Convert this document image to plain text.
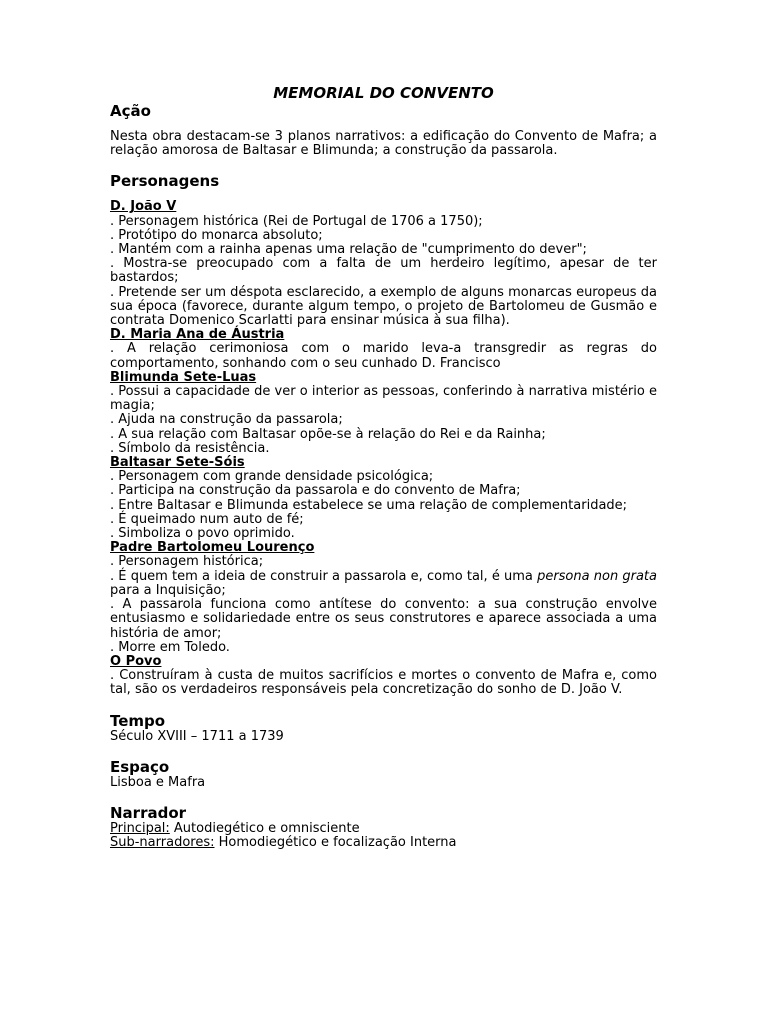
MEMORIAL DO CONVENTO
Ação

Nesta obra destacam-se 3 planos narrativos: a edificação do Convento de Mafra; a relação amorosa de Baltasar e Blimunda; a construção da passarola.

Personagens
D. João V

. Personagem histórica (Rei de Portugal de 1706 a 1750);

. Protótipo do monarca absoluto;

. Mantém com a rainha apenas uma relação de "cumprimento do dever";

. Mostra-se preocupado com a falta de um herdeiro legítimo, apesar de ter bastardos;

. Pretende ser um déspota esclarecido, a exemplo de alguns monarcas europeus da sua época (favorece, durante algum tempo, o projeto de Bartolomeu de Gusmão e contrata Domenico Scarlatti para ensinar música à sua filha).

D. Maria Ana de Áustria

. A relação cerimoniosa com o marido leva-a transgredir as regras do comportamento, sonhando com o seu cunhado D. Francisco

Blimunda Sete-Luas

. Possui a capacidade de ver o interior as pessoas, conferindo à narrativa mistério e magia;

. Ajuda na construção da passarola;

. A sua relação com Baltasar opõe-se à relação do Rei e da Rainha;

. Símbolo da resistência.

Baltasar Sete-Sóis

. Personagem com grande densidade psicológica;

. Participa na construção da passarola e do convento de Mafra;

. Entre Baltasar e Blimunda estabelece se uma relação de complementaridade;

. É queimado num auto de fé;

. Simboliza o povo oprimido.

Padre Bartolomeu Lourenço

. Personagem histórica;

. É quem tem a ideia de construir a passarola e, como tal, é uma persona non grata para a Inquisição;

. A passarola funciona como antítese do convento: a sua construção envolve entusiasmo e solidariedade entre os seus construtores e aparece associada a uma história de amor;

. Morre em Toledo.

O Povo

. Construíram à custa de muitos sacrifícios e mortes o convento de Mafra e, como tal, são os verdadeiros responsáveis pela concretização do sonho de D. João V.

Tempo

Século XVIII – 1711 a 1739

Espaço

Lisboa e Mafra

Narrador

Principal: Autodiegético e omnisciente

Sub-narradores: Homodiegético e focalização Interna
